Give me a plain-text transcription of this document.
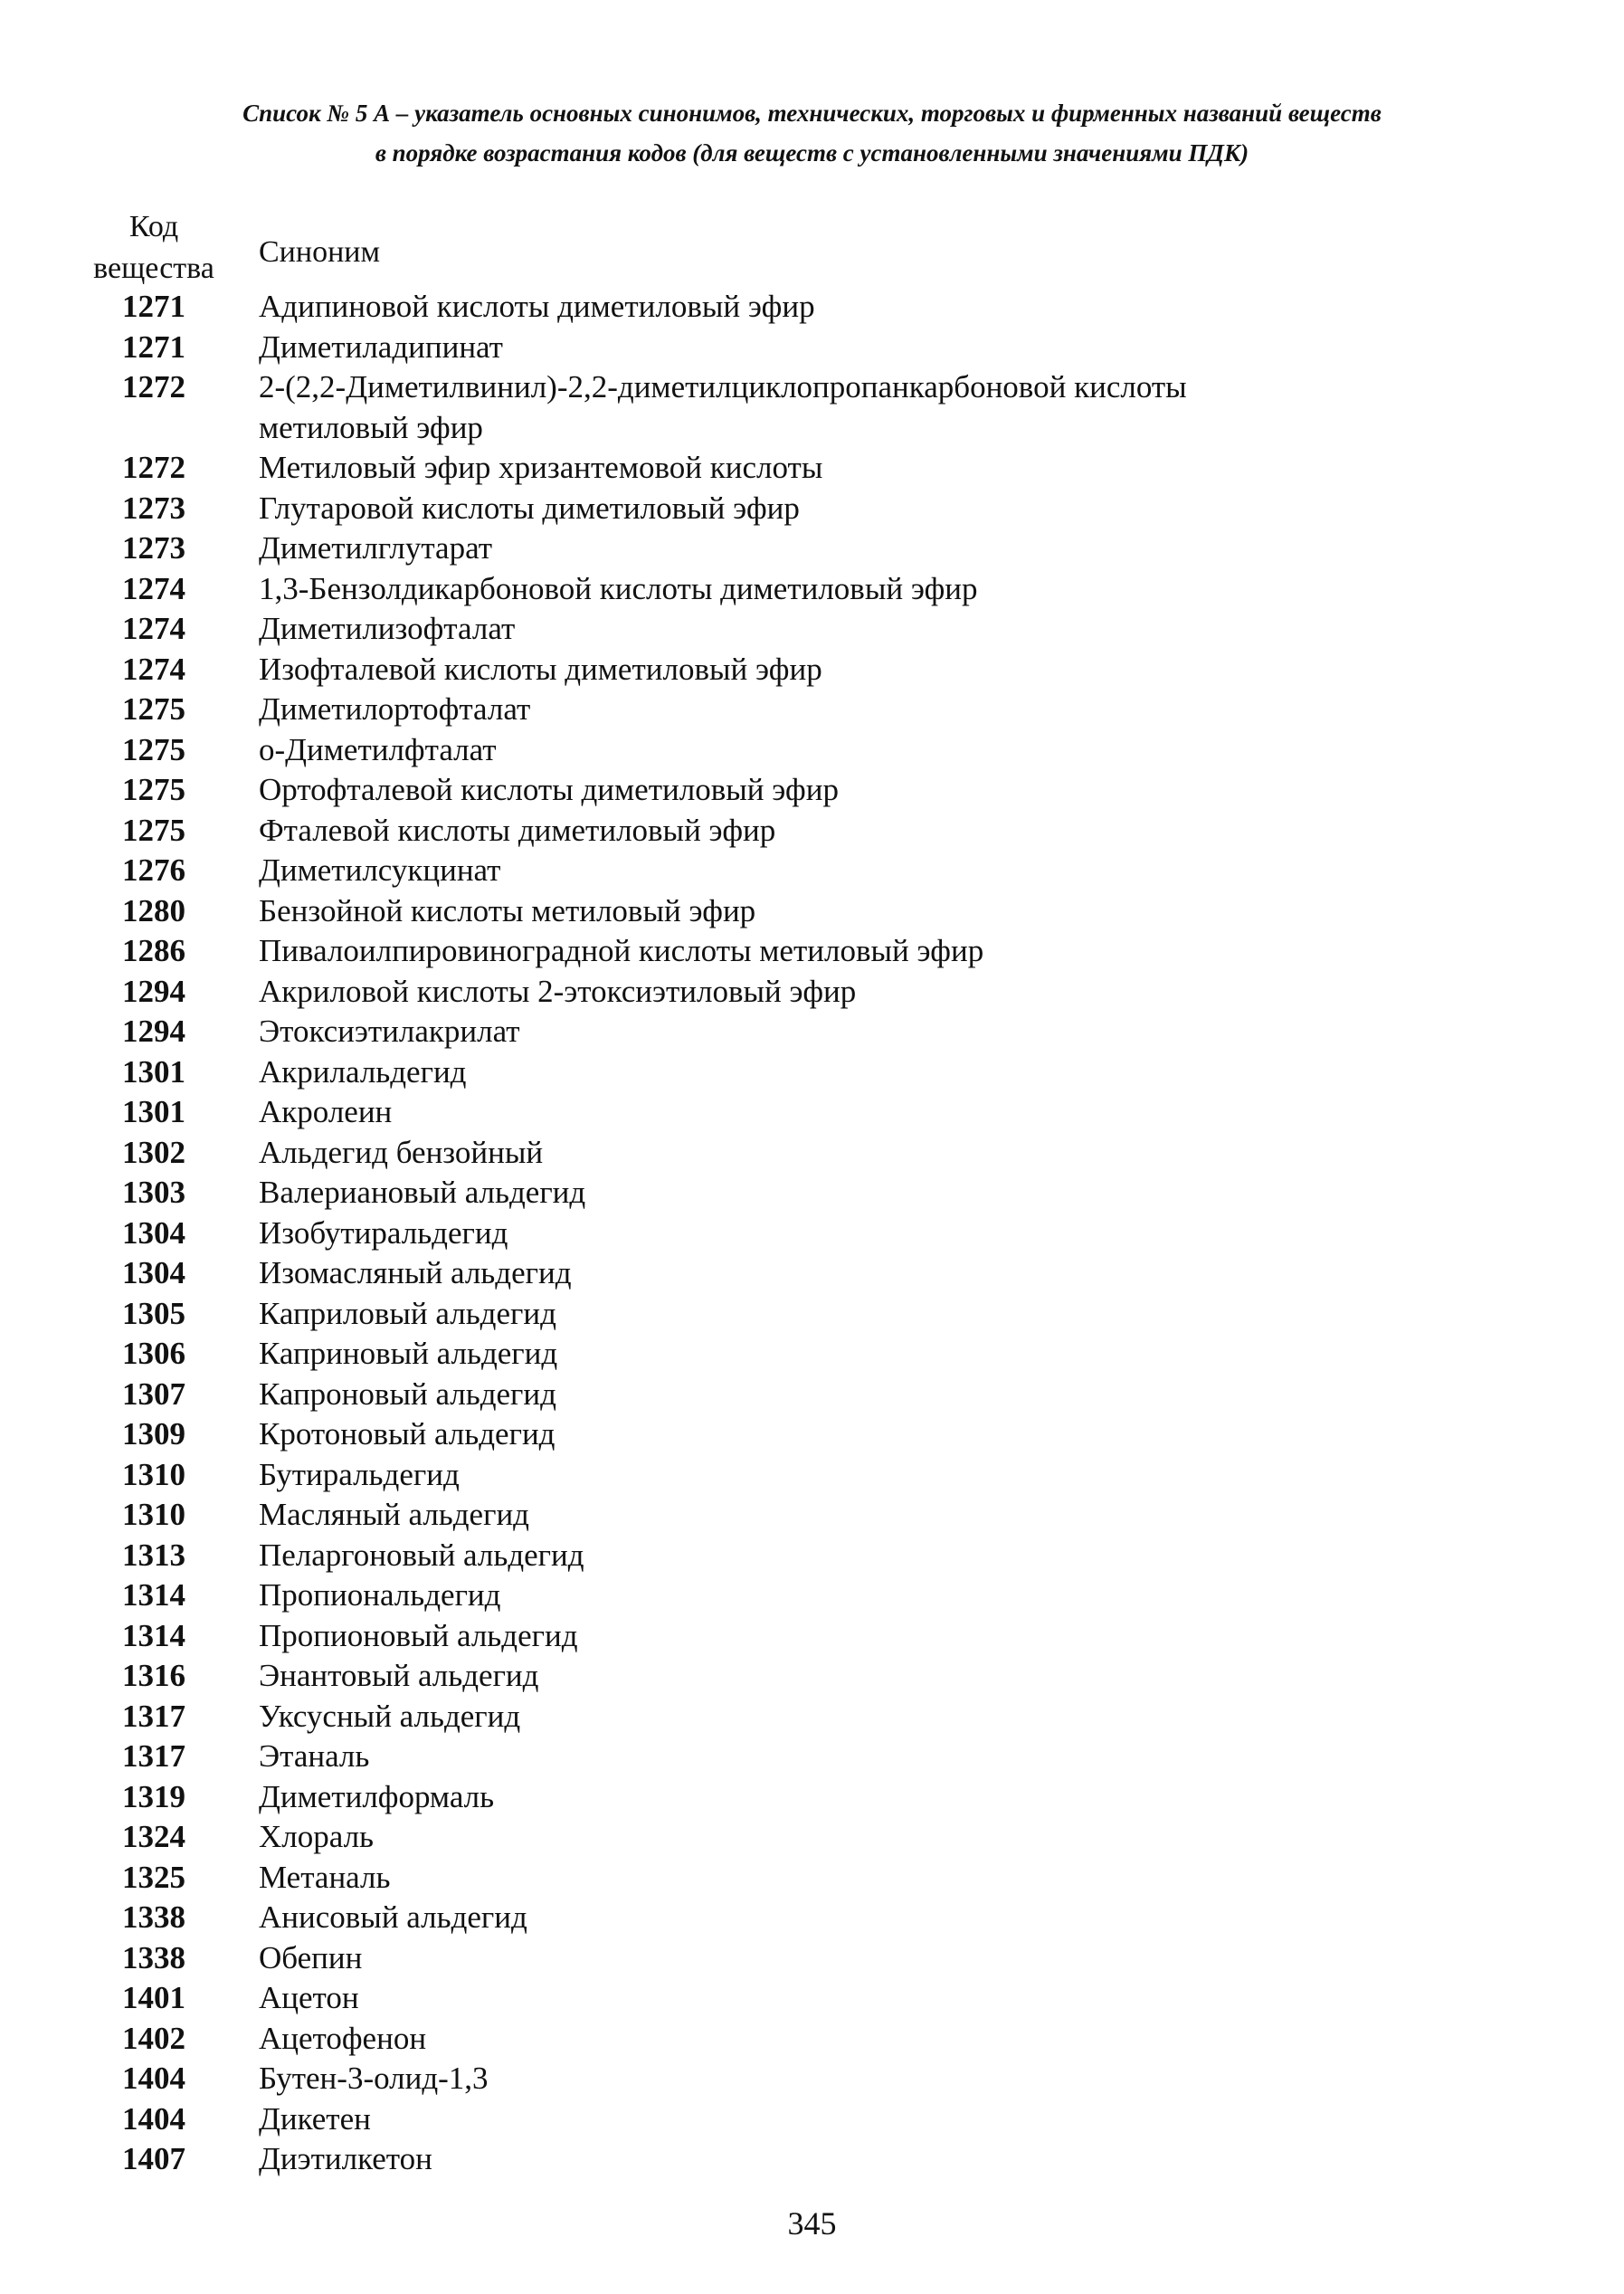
Список № 5 А – указатель основных синонимов, технических, торговых и фирменных названий веществ
в порядке возрастания кодов (для веществ с установленными значениями ПДК)
Код
вещества	Синоним
1271	Адипиновой кислоты диметиловый эфир
1271	Диметиладипинат
1272	2-(2,2-Диметилвинил)-2,2-диметилциклопропанкарбоновой кислоты
метиловый эфир
1272	Метиловый эфир хризантемовой кислоты
1273	Глутаровой кислоты диметиловый эфир
1273	Диметилглутарат
1274	1,3-Бензолдикарбоновой кислоты диметиловый эфир
1274	Диметилизофталат
1274	Изофталевой кислоты диметиловый эфир
1275	Диметилортофталат
1275	о-Диметилфталат
1275	Ортофталевой кислоты диметиловый эфир
1275	Фталевой кислоты диметиловый эфир
1276	Диметилсукцинат
1280	Бензойной кислоты метиловый эфир
1286	Пивалоилпировиноградной кислоты метиловый эфир
1294	Акриловой кислоты 2-этоксиэтиловый эфир
1294	Этоксиэтилакрилат
1301	Акрилальдегид
1301	Акролеин
1302	Альдегид бензойный
1303	Валериановый альдегид
1304	Изобутиральдегид
1304	Изомасляный альдегид
1305	Каприловый альдегид
1306	Каприновый альдегид
1307	Капроновый альдегид
1309	Кротоновый альдегид
1310	Бутиральдегид
1310	Масляный альдегид
1313	Пеларгоновый альдегид
1314	Пропиональдегид
1314	Пропионовый альдегид
1316	Энантовый альдегид
1317	Уксусный альдегид
1317	Этаналь
1319	Диметилформаль
1324	Хлораль
1325	Метаналь
1338	Анисовый альдегид
1338	Обепин
1401	Ацетон
1402	Ацетофенон
1404	Бутен-3-олид-1,3
1404	Дикетен
1407	Диэтилкетон
345
